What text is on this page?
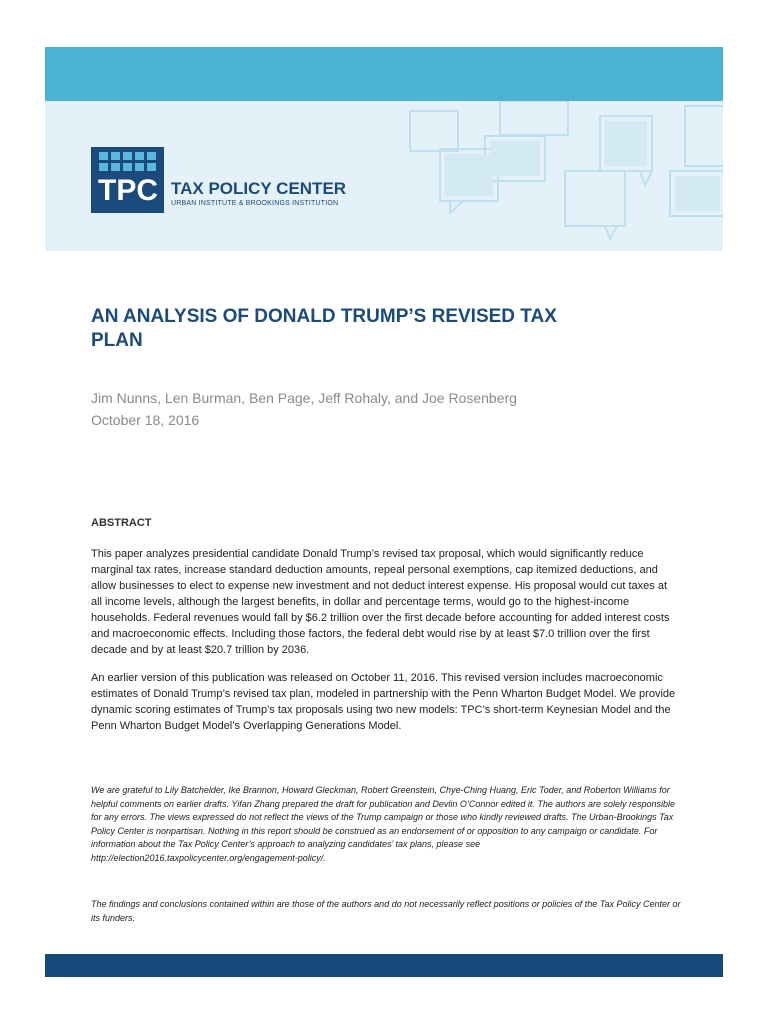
TPC TAX POLICY CENTER
URBAN INSTITUTE & BROOKINGS INSTITUTION
AN ANALYSIS OF DONALD TRUMP’S REVISED TAX PLAN
Jim Nunns, Len Burman, Ben Page, Jeff Rohaly, and Joe Rosenberg
October 18, 2016
ABSTRACT
This paper analyzes presidential candidate Donald Trump’s revised tax proposal, which would significantly reduce marginal tax rates, increase standard deduction amounts, repeal personal exemptions, cap itemized deductions, and allow businesses to elect to expense new investment and not deduct interest expense. His proposal would cut taxes at all income levels, although the largest benefits, in dollar and percentage terms, would go to the highest-income households. Federal revenues would fall by $6.2 trillion over the first decade before accounting for added interest costs and macroeconomic effects. Including those factors, the federal debt would rise by at least $7.0 trillion over the first decade and by at least $20.7 trillion by 2036.
An earlier version of this publication was released on October 11, 2016. This revised version includes macroeconomic estimates of Donald Trump’s revised tax plan, modeled in partnership with the Penn Wharton Budget Model. We provide dynamic scoring estimates of Trump’s tax proposals using two new models: TPC’s short-term Keynesian Model and the Penn Wharton Budget Model’s Overlapping Generations Model.
We are grateful to Lily Batchelder, Ike Brannon, Howard Gleckman, Robert Greenstein, Chye-Ching Huang, Eric Toder, and Roberton Williams for helpful comments on earlier drafts. Yifan Zhang prepared the draft for publication and Devlin O’Connor edited it. The authors are solely responsible for any errors. The views expressed do not reflect the views of the Trump campaign or those who kindly reviewed drafts. The Urban-Brookings Tax Policy Center is nonpartisan. Nothing in this report should be construed as an endorsement of or opposition to any campaign or candidate. For information about the Tax Policy Center’s approach to analyzing candidates’ tax plans, please see http://election2016.taxpolicycenter.org/engagement-policy/.
The findings and conclusions contained within are those of the authors and do not necessarily reflect positions or policies of the Tax Policy Center or its funders.
